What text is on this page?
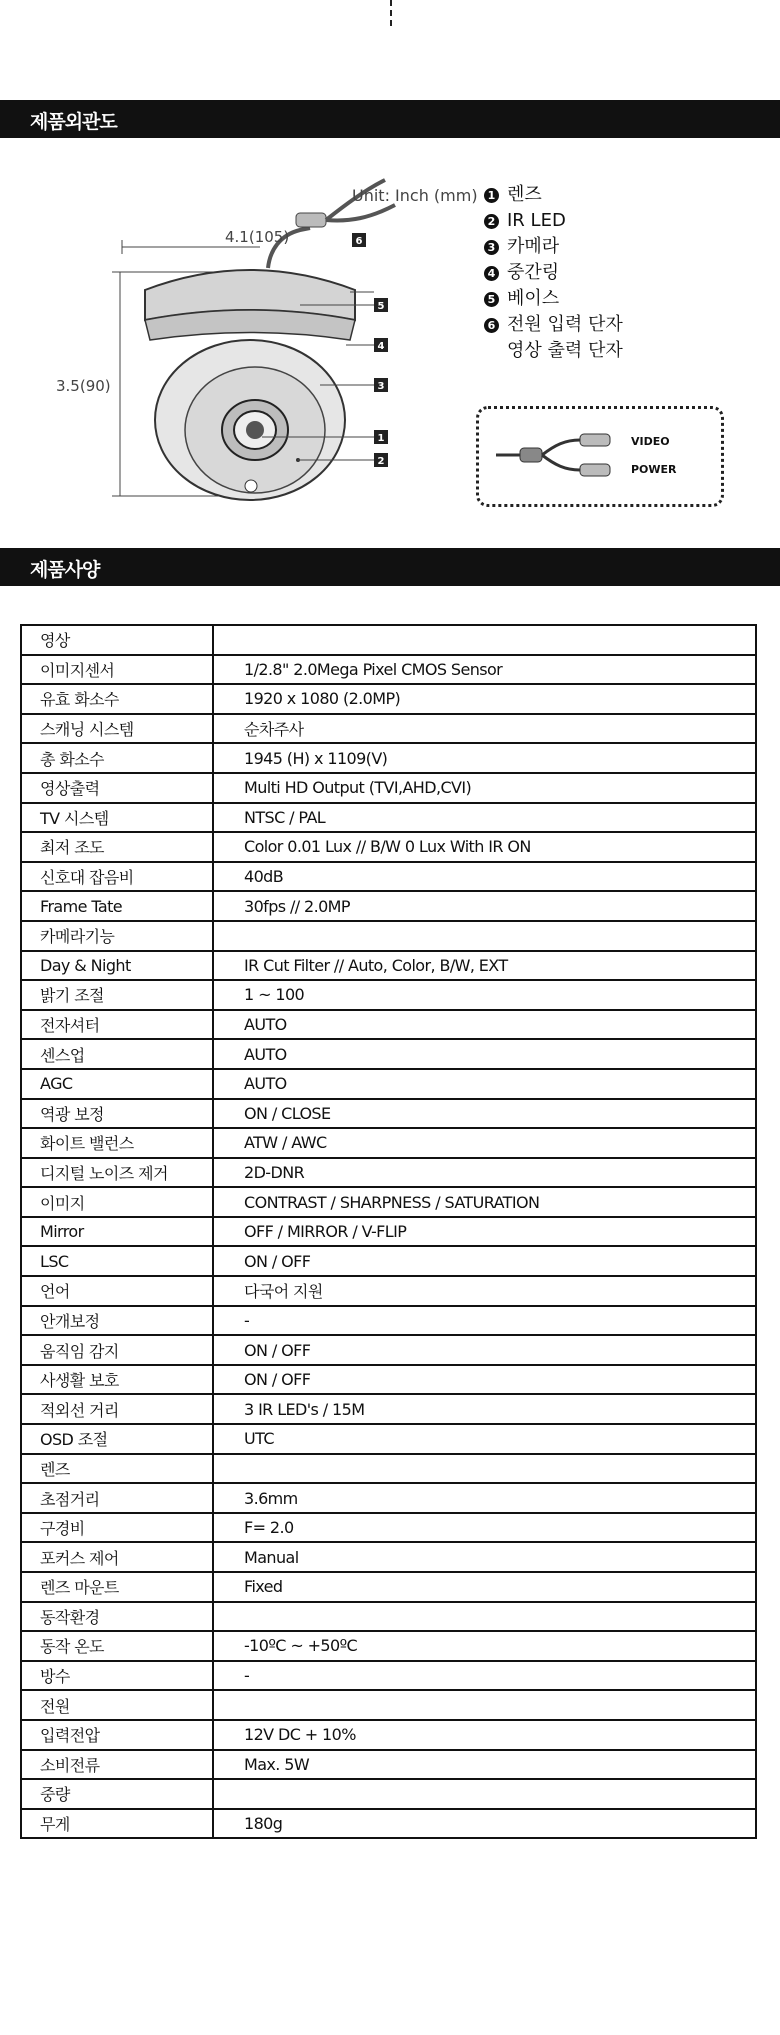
제품외관도
6
5
4
3
1
2
Unit: Inch (mm)
4.1(105)
3.5(90)
1 렌즈
2 IR LED
3 카메라
4 중간링
5 베이스
6 전원 입력 단자
영상 출력 단자
VIDEO
POWER
제품사양
영상	
이미지센서	1/2.8" 2.0Mega Pixel CMOS Sensor
유효 화소수	1920 x 1080 (2.0MP)
스캐닝 시스템	순차주사
총 화소수	1945 (H) x 1109(V)
영상출력	Multi HD Output (TVI,AHD,CVI)
TV 시스템	NTSC / PAL
최저 조도	Color 0.01 Lux // B/W 0 Lux With IR ON
신호대 잡음비	40dB
Frame Tate	30fps // 2.0MP
카메라기능	
Day & Night	IR Cut Filter // Auto, Color, B/W, EXT
밝기 조절	1 ~ 100
전자셔터	AUTO
센스업	AUTO
AGC	AUTO
역광 보정	ON / CLOSE
화이트 밸런스	ATW / AWC
디지털 노이즈 제거	2D-DNR
이미지	CONTRAST / SHARPNESS / SATURATION
Mirror	OFF / MIRROR / V-FLIP
LSC	ON / OFF
언어	다국어 지원
안개보정	-
움직임 감지	ON / OFF
사생활 보호	ON / OFF
적외선 거리	3 IR LED's / 15M
OSD 조절	UTC
렌즈	
초점거리	3.6mm
구경비	F= 2.0
포커스 제어	Manual
렌즈 마운트	Fixed
동작환경	
동작 온도	-10ºC ~ +50ºC
방수	-
전원	
입력전압	12V DC + 10%
소비전류	Max. 5W
중량	
무게	180g
